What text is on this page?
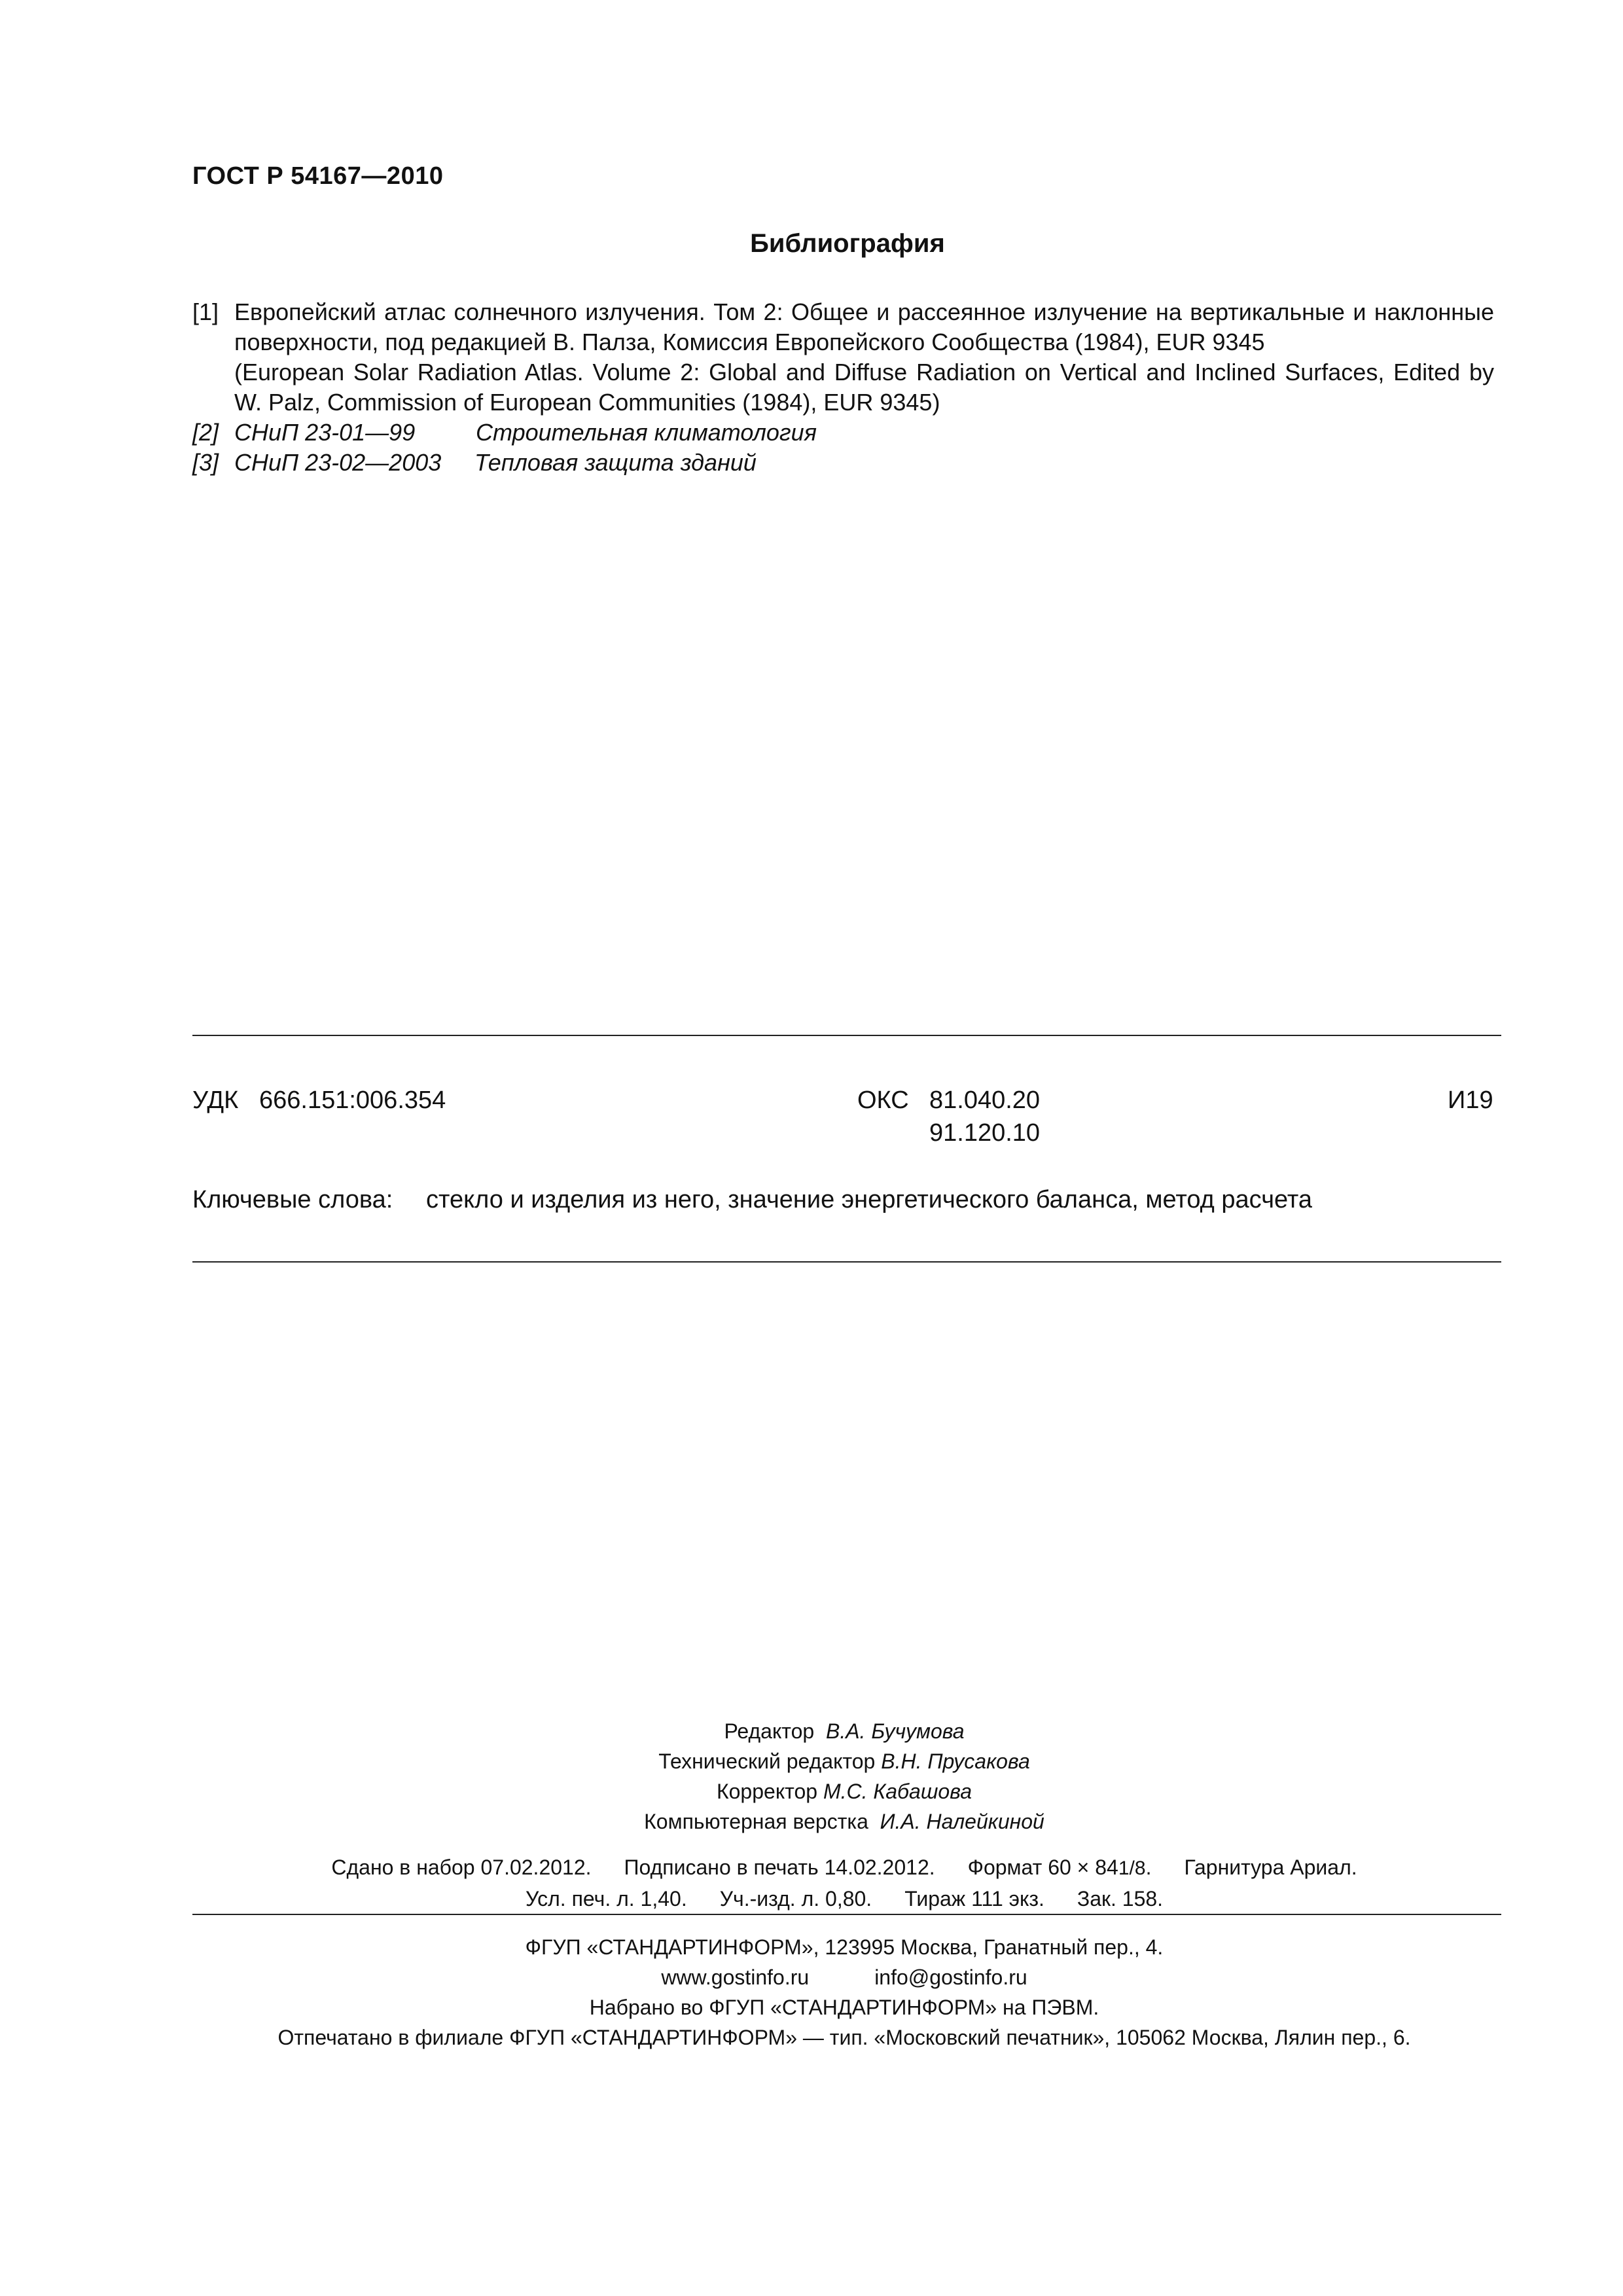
ГОСТ Р 54167—2010
Библиография
[1] Европейский атлас солнечного излучения. Том 2: Общее и рассеянное излучение на вертикальные и наклонные
поверхности, под редакцией В. Палза, Комиссия Европейского Сообщества (1984), EUR 9345
(European Solar Radiation Atlas. Volume 2: Global and Diffuse Radiation on Vertical and Inclined Surfaces, Edited by
W. Palz, Commission of European Communities (1984), EUR 9345)
[2] СНиП 23-01—99	Строительная климатология
[3] СНиП 23-02—2003 Тепловая защита зданий
УДК 666.151:006.354	ОКС 81.040.20
91.120.10
И19
Ключевые слова: стекло и изделия из него, значение энергетического баланса, метод расчета
Редактор В.А. Бучумова
Технический редактор В.Н. Прусакова
Корректор М.С. Кабашова
Компьютерная верстка И.А. Налейкиной
Сдано в набор 07.02.2012. Подписано в печать 14.02.2012. Формат 60 × 841/8. Гарнитура Ариал.
Усл. печ. л. 1,40. Уч.-изд. л. 0,80. Тираж 111 экз. Зак. 158.
ФГУП «СТАНДАРТИНФОРМ», 123995 Москва, Гранатный пер., 4.
www.gostinfo.ru	info@gostinfo.ru
Набрано во ФГУП «СТАНДАРТИНФОРМ» на ПЭВМ.
Отпечатано в филиале ФГУП «СТАНДАРТИНФОРМ» — тип. «Московский печатник», 105062 Москва, Лялин пер., 6.
